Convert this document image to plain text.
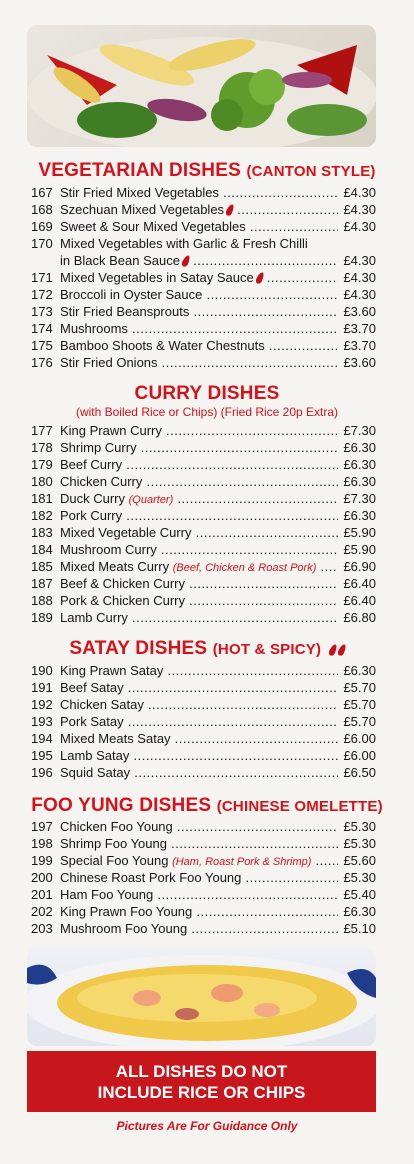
VEGETARIAN DISHES (CANTON STYLE)
167 Stir Fried Mixed Vegetables .....	£4.30
168 Szechuan Mixed Vegetables .....	£4.30
169 Sweet & Sour Mixed Vegetables .....	£4.30
170 Mixed Vegetables with Garlic & Fresh Chilli
in Black Bean Sauce .....	£4.30
171 Mixed Vegetables in Satay Sauce .....	£4.30
172 Broccoli in Oyster Sauce .....	£4.30
173 Stir Fried Beansprouts .....	£3.60
174 Mushrooms .....	£3.70
175 Bamboo Shoots & Water Chestnuts .....	£3.70
176 Stir Fried Onions .....	£3.60
CURRY DISHES
(with Boiled Rice or Chips) (Fried Rice 20p Extra)
177 King Prawn Curry .....	£7.30
178 Shrimp Curry .....	£6.30
179 Beef Curry .....	£6.30
180 Chicken Curry .....	£6.30
181 Duck Curry (Quarter) .....	£7.30
182 Pork Curry .....	£6.30
183 Mixed Vegetable Curry .....	£5.90
184 Mushroom Curry .....	£5.90
185 Mixed Meats Curry (Beef, Chicken & Roast Pork) .....	£6.90
187 Beef & Chicken Curry .....	£6.40
188 Pork & Chicken Curry .....	£6.40
189 Lamb Curry .....	£6.80
SATAY DISHES (HOT & SPICY)
190 King Prawn Satay .....	£6.30
191 Beef Satay .....	£5.70
192 Chicken Satay .....	£5.70
193 Pork Satay .....	£5.70
194 Mixed Meats Satay .....	£6.00
195 Lamb Satay .....	£6.00
196 Squid Satay .....	£6.50
FOO YUNG DISHES (CHINESE OMELETTE)
197 Chicken Foo Young .....	£5.30
198 Shrimp Foo Young .....	£5.30
199 Special Foo Young (Ham, Roast Pork & Shrimp) .....	£5.60
200 Chinese Roast Pork Foo Young .....	£5.30
201 Ham Foo Young .....	£5.40
202 King Prawn Foo Young .....	£6.30
203 Mushroom Foo Young .....	£5.10
ALL DISHES DO NOT
INCLUDE RICE OR CHIPS
Pictures Are For Guidance Only
